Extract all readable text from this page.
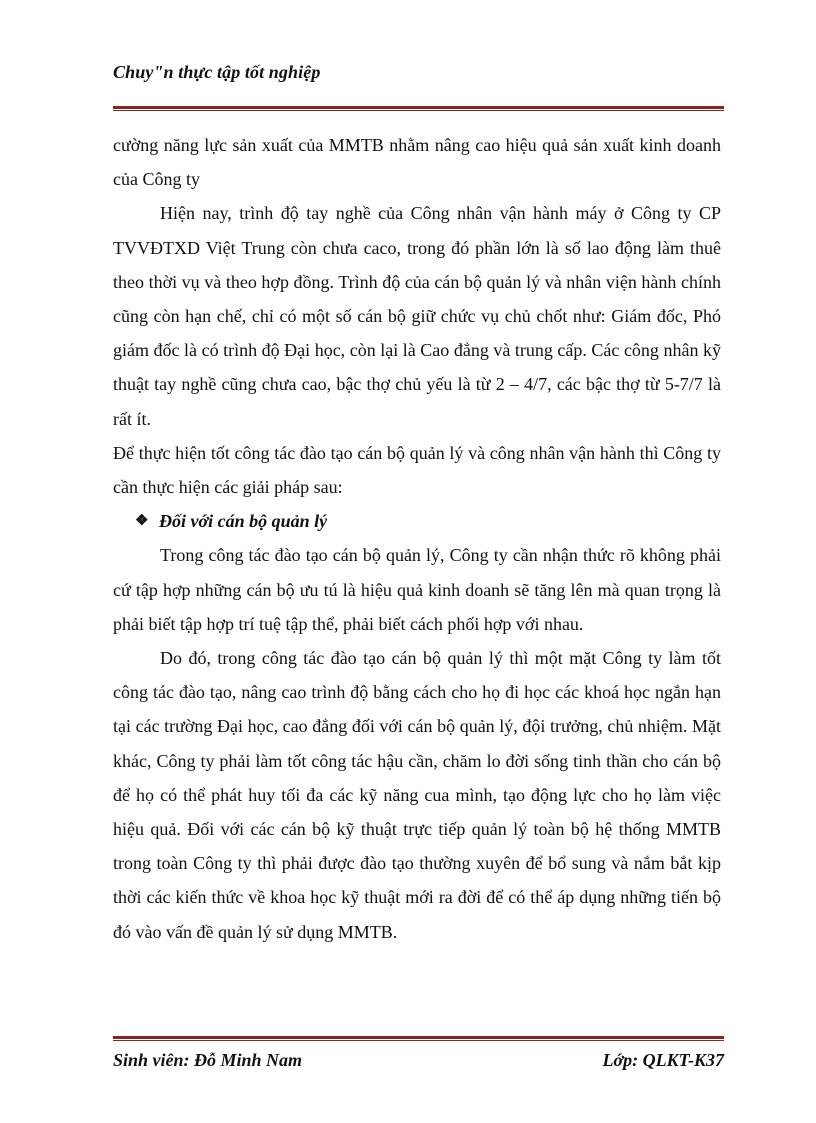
Chuy"n thực tập tốt nghiệp

cường năng lực sản xuất của MMTB nhằm nâng cao hiệu quả sản xuất kinh doanh của Công ty

Hiện nay, trình độ tay nghề của Công nhân vận hành máy ở Công ty CP TVVĐTXD Việt Trung còn chưa caco, trong đó phần lớn là số lao động làm thuê theo thời vụ và theo hợp đồng. Trình độ của cán bộ quản lý và nhân viện hành chính cũng còn hạn chế, chỉ có một số cán bộ giữ chức vụ chủ chốt như: Giám đốc, Phó giám đốc là có trình độ Đại học, còn lại là Cao đẳng và trung cấp. Các công nhân kỹ thuật tay nghề cũng chưa cao, bậc thợ chủ yếu là từ 2 – 4/7, các bậc thợ từ 5-7/7 là rất ít.

Để thực hiện tốt công tác đào tạo cán bộ quản lý và công nhân vận hành thì Công ty cần thực hiện các giải pháp sau:

❖ Đối với cán bộ quản lý

Trong công tác đào tạo cán bộ quản lý, Công ty cần nhận thức rõ không phải cứ tập hợp những cán bộ ưu tú là hiệu quả kinh doanh sẽ tăng lên mà quan trọng là phải biết tập hợp trí tuệ tập thể, phải biết cách phối hợp với nhau.

Do đó, trong công tác đào tạo cán bộ quản lý thì một mặt Công ty làm tốt công tác đào tạo, nâng cao trình độ bằng cách cho họ đi học các khoá học ngắn hạn tại các trường Đại học, cao đẳng đối với cán bộ quản lý, đội trưởng, chủ nhiệm. Mặt khác, Công ty phải làm tốt công tác hậu cần, chăm lo đời sống tinh thần cho cán bộ để họ có thể phát huy tối đa các kỹ năng cua mình, tạo động lực cho họ làm việc hiệu quả. Đối với các cán bộ kỹ thuật trực tiếp quản lý toàn bộ hệ thống MMTB trong toàn Công ty thì phải được đào tạo thường xuyên để bổ sung và nắm bắt kịp thời các kiến thức về khoa học kỹ thuật mới ra đời để có thể áp dụng những tiến bộ đó vào vấn đề quản lý sử dụng MMTB.

Sinh viên: Đỗ Minh Nam	Lớp: QLKT-K37
